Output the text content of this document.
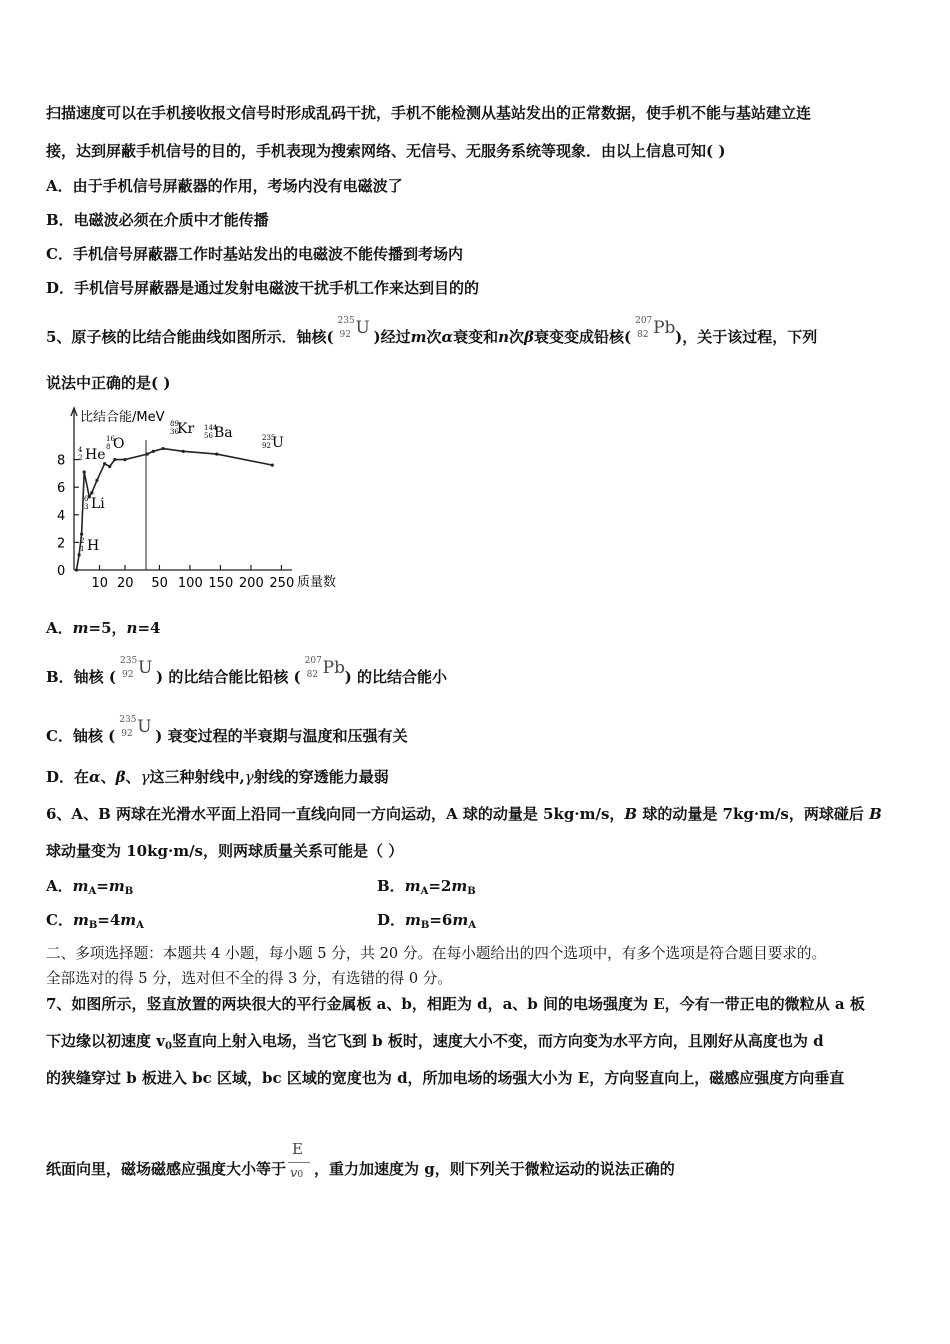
扫描速度可以在手机接收报文信号时形成乱码干扰，手机不能检测从基站发出的正常数据，使手机不能与基站建立连
接，达到屏蔽手机信号的目的，手机表现为搜索网络、无信号、无服务系统等现象．由以上信息可知( )
A．由于手机信号屏蔽器的作用，考场内没有电磁波了
B．电磁波必须在介质中才能传播
C．手机信号屏蔽器工作时基站发出的电磁波不能传播到考场内
D．手机信号屏蔽器是通过发射电磁波干扰手机工作来达到目的的
5、原子核的比结合能曲线如图所示．铀核(
235
92 U )经过m次α衰变和n次β衰变变成铅核(
207
82 Pb )，关于该过程，下列
说法中正确的是( )
比结合能/MeV
质量数
0
2
4
6
8
10 20 50 100 150 200 250
4
2 He
16
8 O
89
36
Kr 144
56 Ba	235
92 U
6
3 Li
2
1 H
A．m=5，n=4
B．铀核 (
235
92 U ) 的比结合能比铅核 (
207
82 Pb ) 的比结合能小
C．铀核 (
235
92 U ) 衰变过程的半衰期与温度和压强有关
D．在α、β、γ这三种射线中,γ射线的穿透能力最弱
6、A、B 两球在光滑水平面上沿同一直线向同一方向运动，A 球的动量是 5kg·m/s，B 球的动量是 7kg·m/s，两球碰后 B
球动量变为 10kg·m/s，则两球质量关系可能是（ ）
A．$m_A=m_B$	B．$m_A=2m_B$
C．$m_B=4m_A$	D．$m_B=6m_A$
二、多项选择题：本题共 4 小题，每小题 5 分，共 20 分。在每小题给出的四个选项中，有多个选项是符合题目要求的。
全部选对的得 5 分，选对但不全的得 3 分，有选错的得 0 分。
7、如图所示，竖直放置的两块很大的平行金属板 a、b，相距为 d，a、b 间的电场强度为 E，今有一带正电的微粒从 a 板
下边缘以初速度 $v_0$竖直向上射入电场，当它飞到 b 板时，速度大小不变，而方向变为水平方向，且刚好从高度也为 d
的狭缝穿过 b 板进入 bc 区域，bc 区域的宽度也为 d，所加电场的场强大小为 E，方向竖直向上，磁感应强度方向垂直
纸面向里，磁场磁感应强度大小等于 $\frac{E}{v0}$ ，重力加速度为 g，则下列关于微粒运动的说法正确的
